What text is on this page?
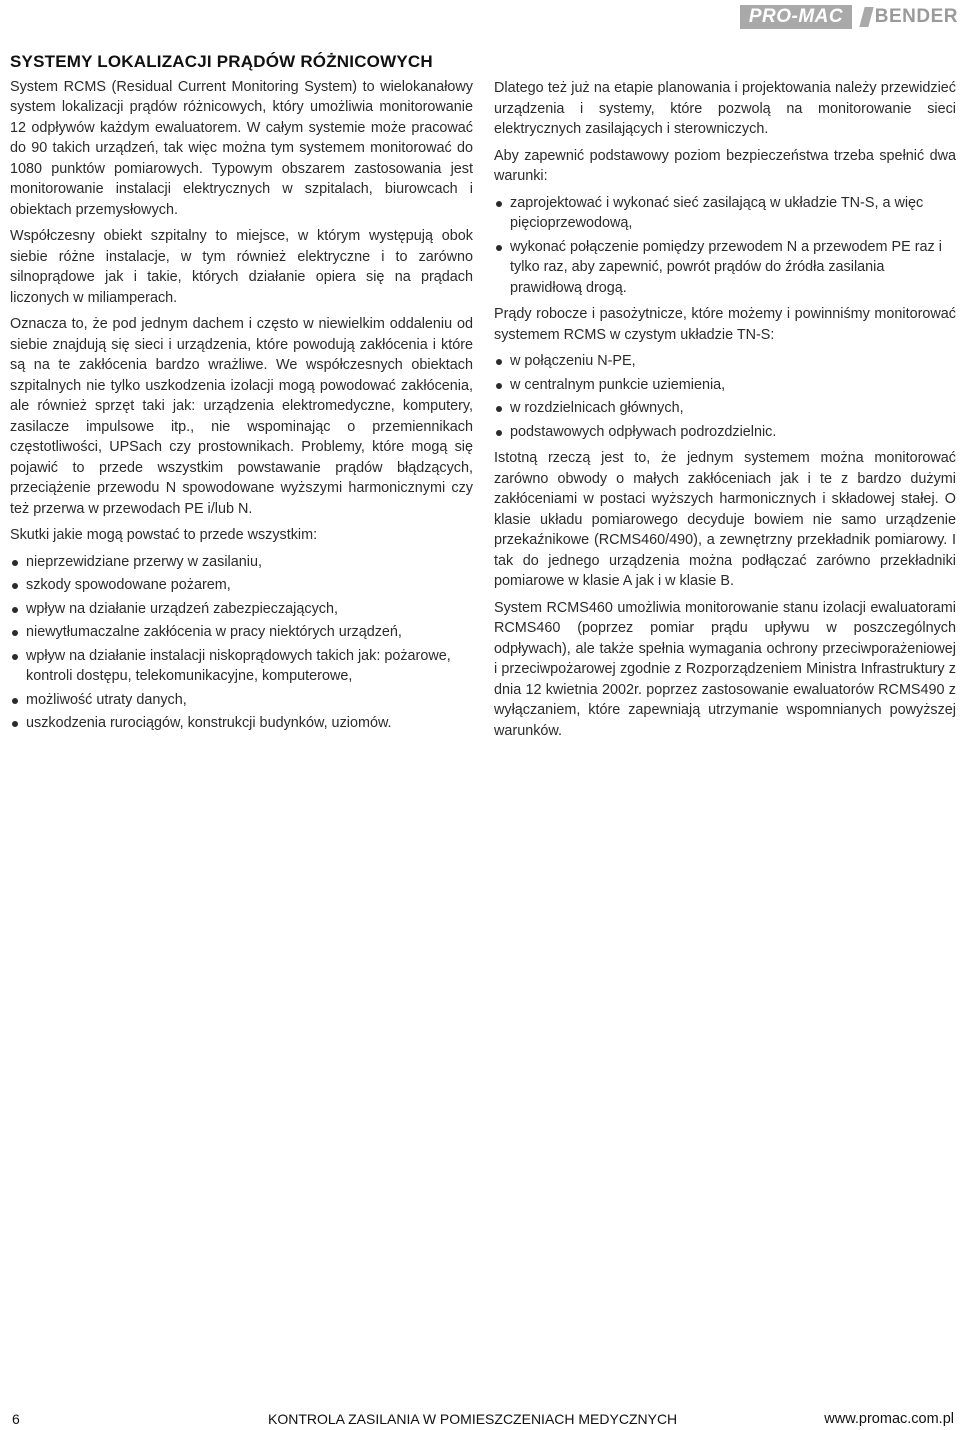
PRO-MAC BENDER
SYSTEMY LOKALIZACJI PRĄDÓW RÓŻNICOWYCH

System RCMS (Residual Current Monitoring System) to wielokanałowy system lokalizacji prądów różnicowych, który umożliwia monitorowanie 12 odpływów każdym ewaluatorem. W całym systemie może pracować do 90 takich urządzeń, tak więc można tym systemem monitorować do 1080 punktów pomiarowych. Typowym obszarem zastosowania jest monitorowanie instalacji elektrycznych w szpitalach, biurowcach i obiektach przemysłowych.

Współczesny obiekt szpitalny to miejsce, w którym występują obok siebie różne instalacje, w tym również elektryczne i to zarówno silnoprądowe jak i takie, których działanie opiera się na prądach liczonych w miliamperach.

Oznacza to, że pod jednym dachem i często w niewielkim oddaleniu od siebie znajdują się sieci i urządzenia, które powodują zakłócenia i które są na te zakłócenia bardzo wrażliwe. We współczesnych obiektach szpitalnych nie tylko uszkodzenia izolacji mogą powodować zakłócenia, ale również sprzęt taki jak: urządzenia elektromedyczne, komputery, zasilacze impulsowe itp., nie wspominając o przemiennikach częstotliwości, UPSach czy prostownikach. Problemy, które mogą się pojawić to przede wszystkim powstawanie prądów błądzących, przeciążenie przewodu N spowodowane wyższymi harmonicznymi czy też przerwa w przewodach PE i/lub N.

Skutki jakie mogą powstać to przede wszystkim:

nieprzewidziane przerwy w zasilaniu,
szkody spowodowane pożarem,
wpływ na działanie urządzeń zabezpieczających,
niewytłumaczalne zakłócenia w pracy niektórych urządzeń,
wpływ na działanie instalacji niskoprądowych takich jak: pożarowe, kontroli dostępu, telekomunikacyjne, komputerowe,
możliwość utraty danych,
uszkodzenia rurociągów, konstrukcji budynków, uziomów.

Dlatego też już na etapie planowania i projektowania należy przewidzieć urządzenia i systemy, które pozwolą na monitorowanie sieci elektrycznych zasilających i sterowniczych.

Aby zapewnić podstawowy poziom bezpieczeństwa trzeba spełnić dwa warunki:

zaprojektować i wykonać sieć zasilającą w układzie TN-S, a więc pięcioprzewodową,
wykonać połączenie pomiędzy przewodem N a przewodem PE raz i tylko raz, aby zapewnić, powrót prądów do źródła zasilania prawidłową drogą.

Prądy robocze i pasożytnicze, które możemy i powinniśmy monitorować systemem RCMS w czystym układzie TN-S:

w połączeniu N-PE,
w centralnym punkcie uziemienia,
w rozdzielnicach głównych,
podstawowych odpływach podrozdzielnic.

Istotną rzeczą jest to, że jednym systemem można monitorować zarówno obwody o małych zakłóceniach jak i te z bardzo dużymi zakłóceniami w postaci wyższych harmonicznych i składowej stałej. O klasie układu pomiarowego decyduje bowiem nie samo urządzenie przekaźnikowe (RCMS460/490), a zewnętrzny przekładnik pomiarowy. I tak do jednego urządzenia można podłączać zarówno przekładniki pomiarowe w klasie A jak i w klasie B.

System RCMS460 umożliwia monitorowanie stanu izolacji ewaluatorami RCMS460 (poprzez pomiar prądu upływu w poszczególnych odpływach), ale także spełnia wymagania ochrony przeciwporażeniowej i przeciwpożarowej zgodnie z Rozporządzeniem Ministra Infrastruktury z dnia 12 kwietnia 2002r. poprzez zastosowanie ewaluatorów RCMS490 z wyłączaniem, które zapewniają utrzymanie wspomnianych powyższej warunków.

6	KONTROLA ZASILANIA W POMIESZCZENIACH MEDYCZNYCH	www.promac.com.pl
